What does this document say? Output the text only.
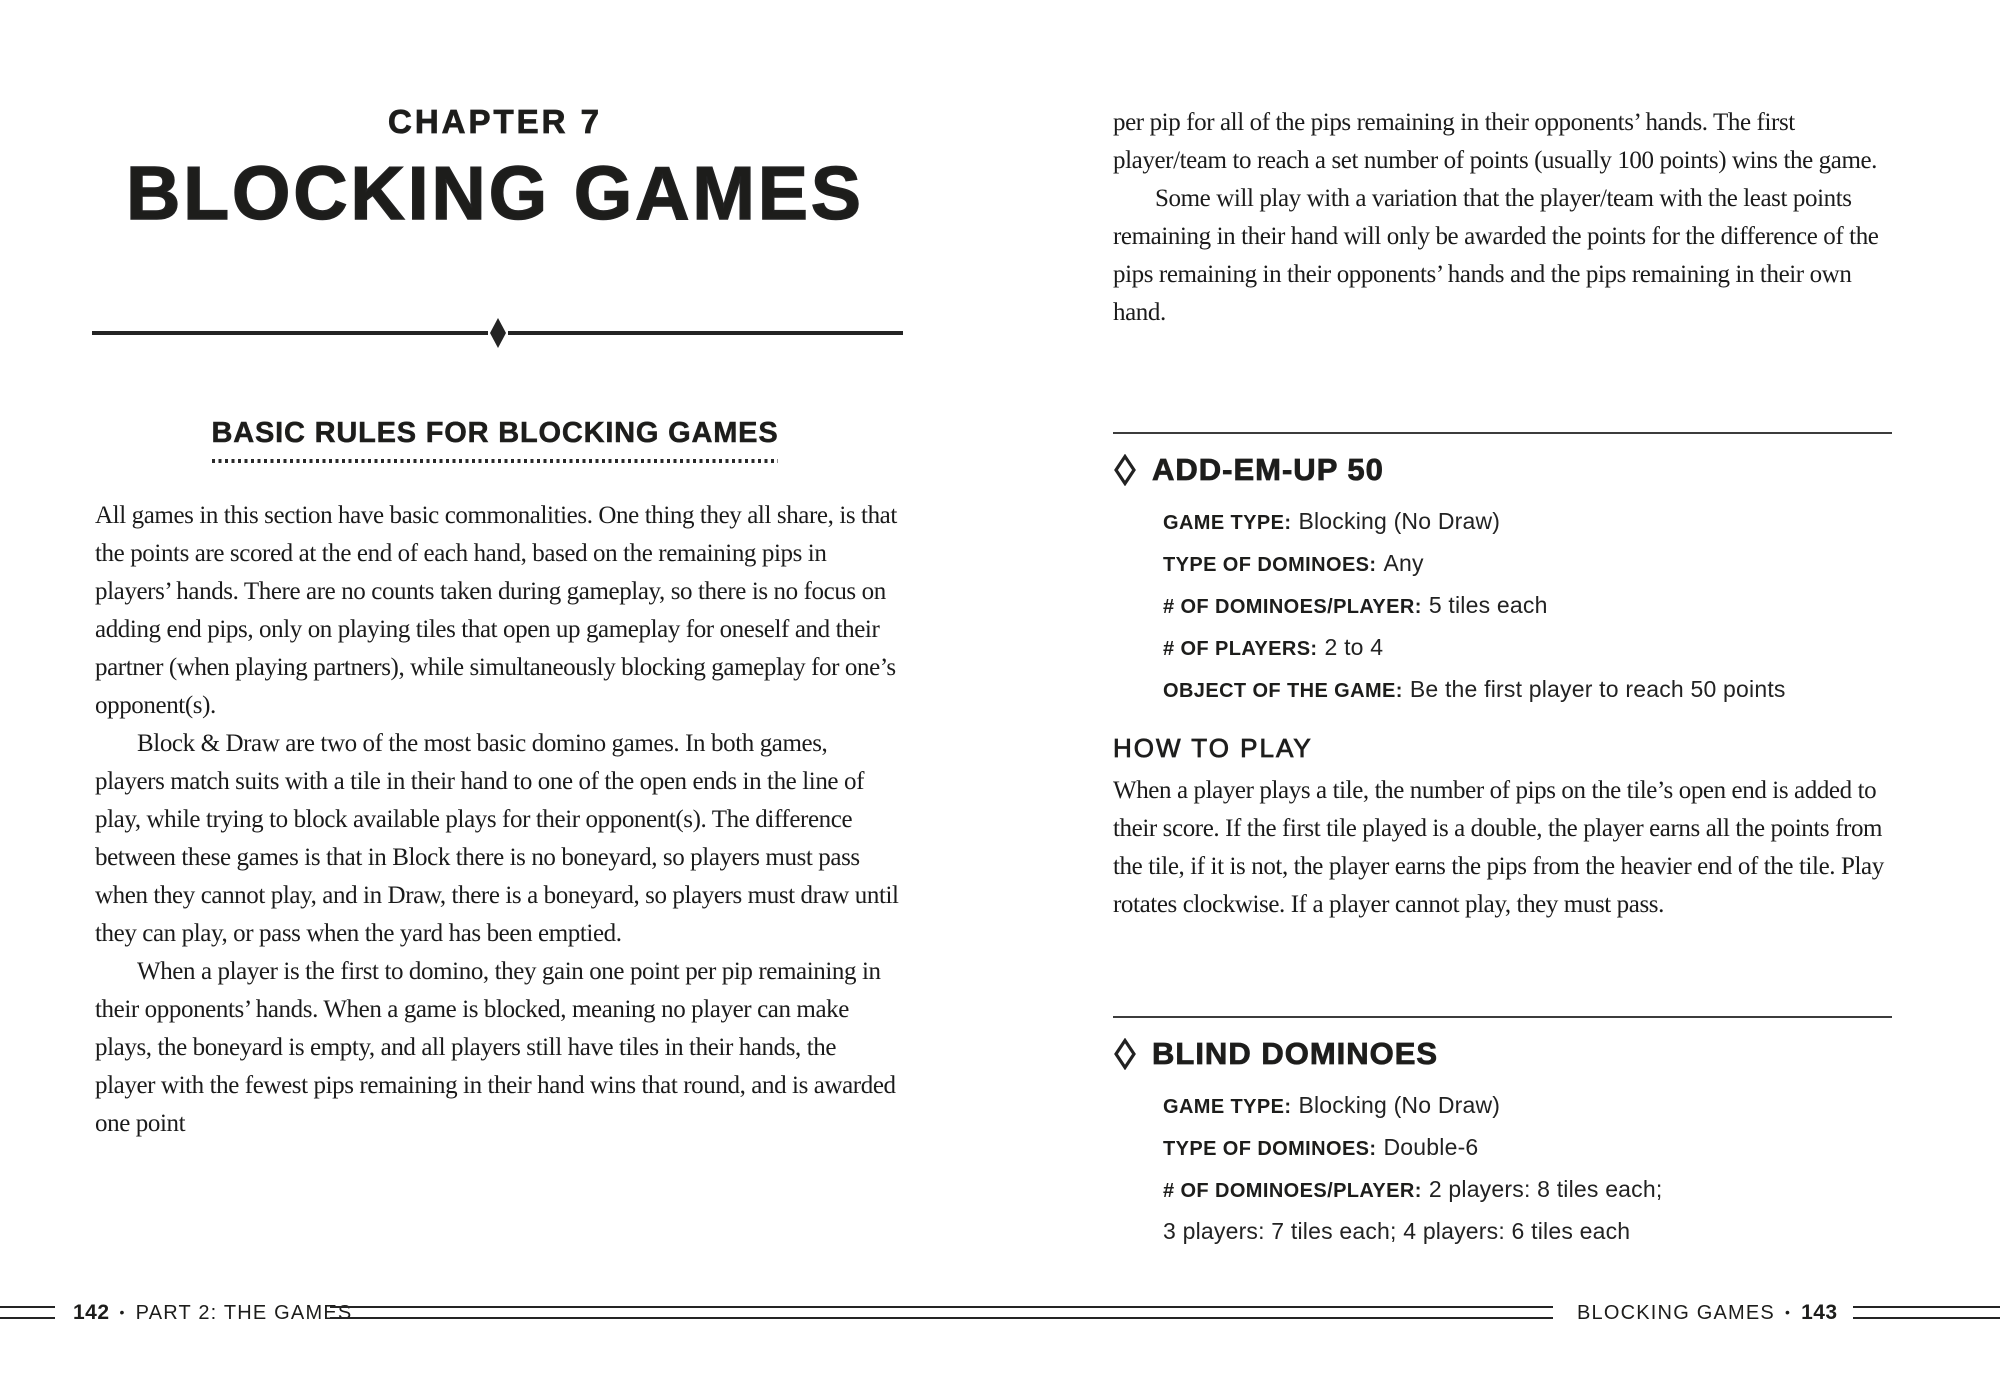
CHAPTER 7
BLOCKING GAMES
BASIC RULES FOR BLOCKING GAMES

All games in this section have basic commonalities. One thing they all share, is that the points are scored at the end of each hand, based on the remaining pips in players’ hands. There are no counts taken during gameplay, so there is no focus on adding end pips, only on playing tiles that open up gameplay for oneself and their partner (when playing partners), while simultaneously blocking gameplay for one’s opponent(s).

Block & Draw are two of the most basic domino games. In both games, players match suits with a tile in their hand to one of the open ends in the line of play, while trying to block available plays for their opponent(s). The difference between these games is that in Block there is no boneyard, so players must pass when they cannot play, and in Draw, there is a boneyard, so players must draw until they can play, or pass when the yard has been emptied.

When a player is the first to domino, they gain one point per pip remaining in their opponents’ hands. When a game is blocked, meaning no player can make plays, the boneyard is empty, and all players still have tiles in their hands, the player with the fewest pips remaining in their hand wins that round, and is awarded one point

per pip for all of the pips remaining in their opponents’ hands. The first player/team to reach a set number of points (usually 100 points) wins the game.

Some will play with a variation that the player/team with the least points remaining in their hand will only be awarded the points for the difference of the pips remaining in their opponents’ hands and the pips remaining in their own hand.

ADD-EM-UP 50
GAME TYPE: Blocking (No Draw)
TYPE OF DOMINOES: Any
# OF DOMINOES/PLAYER: 5 tiles each
# OF PLAYERS: 2 to 4
OBJECT OF THE GAME: Be the first player to reach 50 points
HOW TO PLAY

When a player plays a tile, the number of pips on the tile’s open end is added to their score. If the first tile played is a double, the player earns all the points from the tile, if it is not, the player earns the pips from the heavier end of the tile. Play rotates clockwise. If a player cannot play, they must pass.

BLIND DOMINOES
GAME TYPE: Blocking (No Draw)
TYPE OF DOMINOES: Double-6
# OF DOMINOES/PLAYER: 2 players: 8 tiles each;
3 players: 7 tiles each; 4 players: 6 tiles each
142 • PART 2: THE GAMES	BLOCKING GAMES • 143
